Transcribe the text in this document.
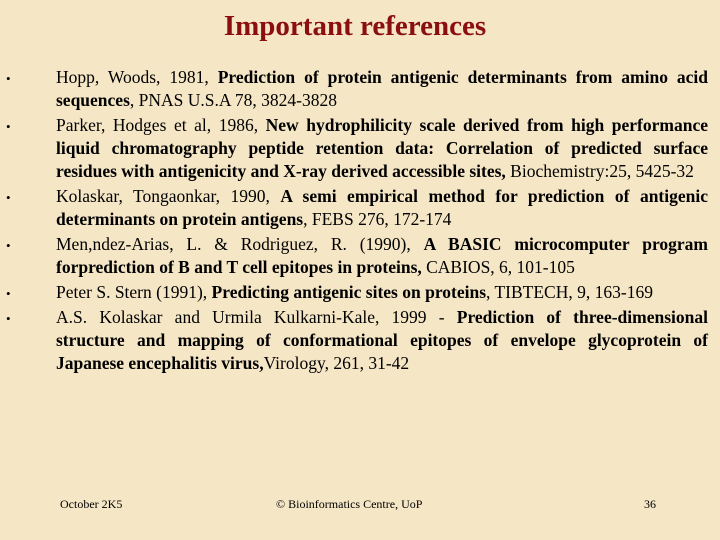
Important references
•	Hopp, Woods, 1981, Prediction of protein antigenic determinants from amino acid sequences, PNAS U.S.A 78, 3824-3828
•	Parker, Hodges et al, 1986, New hydrophilicity scale derived from high performance liquid chromatography peptide retention data: Correlation of predicted surface residues with antigenicity and X-ray derived accessible sites, Biochemistry:25, 5425-32
•	Kolaskar, Tongaonkar, 1990, A semi empirical method for prediction of antigenic determinants on protein antigens, FEBS 276, 172-174
•	Men,ndez-Arias, L. & Rodriguez, R. (1990), A BASIC microcomputer program forprediction of B and T cell epitopes in proteins, CABIOS, 6, 101-105
•	Peter S. Stern (1991), Predicting antigenic sites on proteins, TIBTECH, 9, 163-169
•	A.S. Kolaskar and Urmila Kulkarni-Kale, 1999 - Prediction of three-dimensional structure and mapping of conformational epitopes of envelope glycoprotein of Japanese encephalitis virus,Virology, 261, 31-42
October 2K5	© Bioinformatics Centre, UoP	36
